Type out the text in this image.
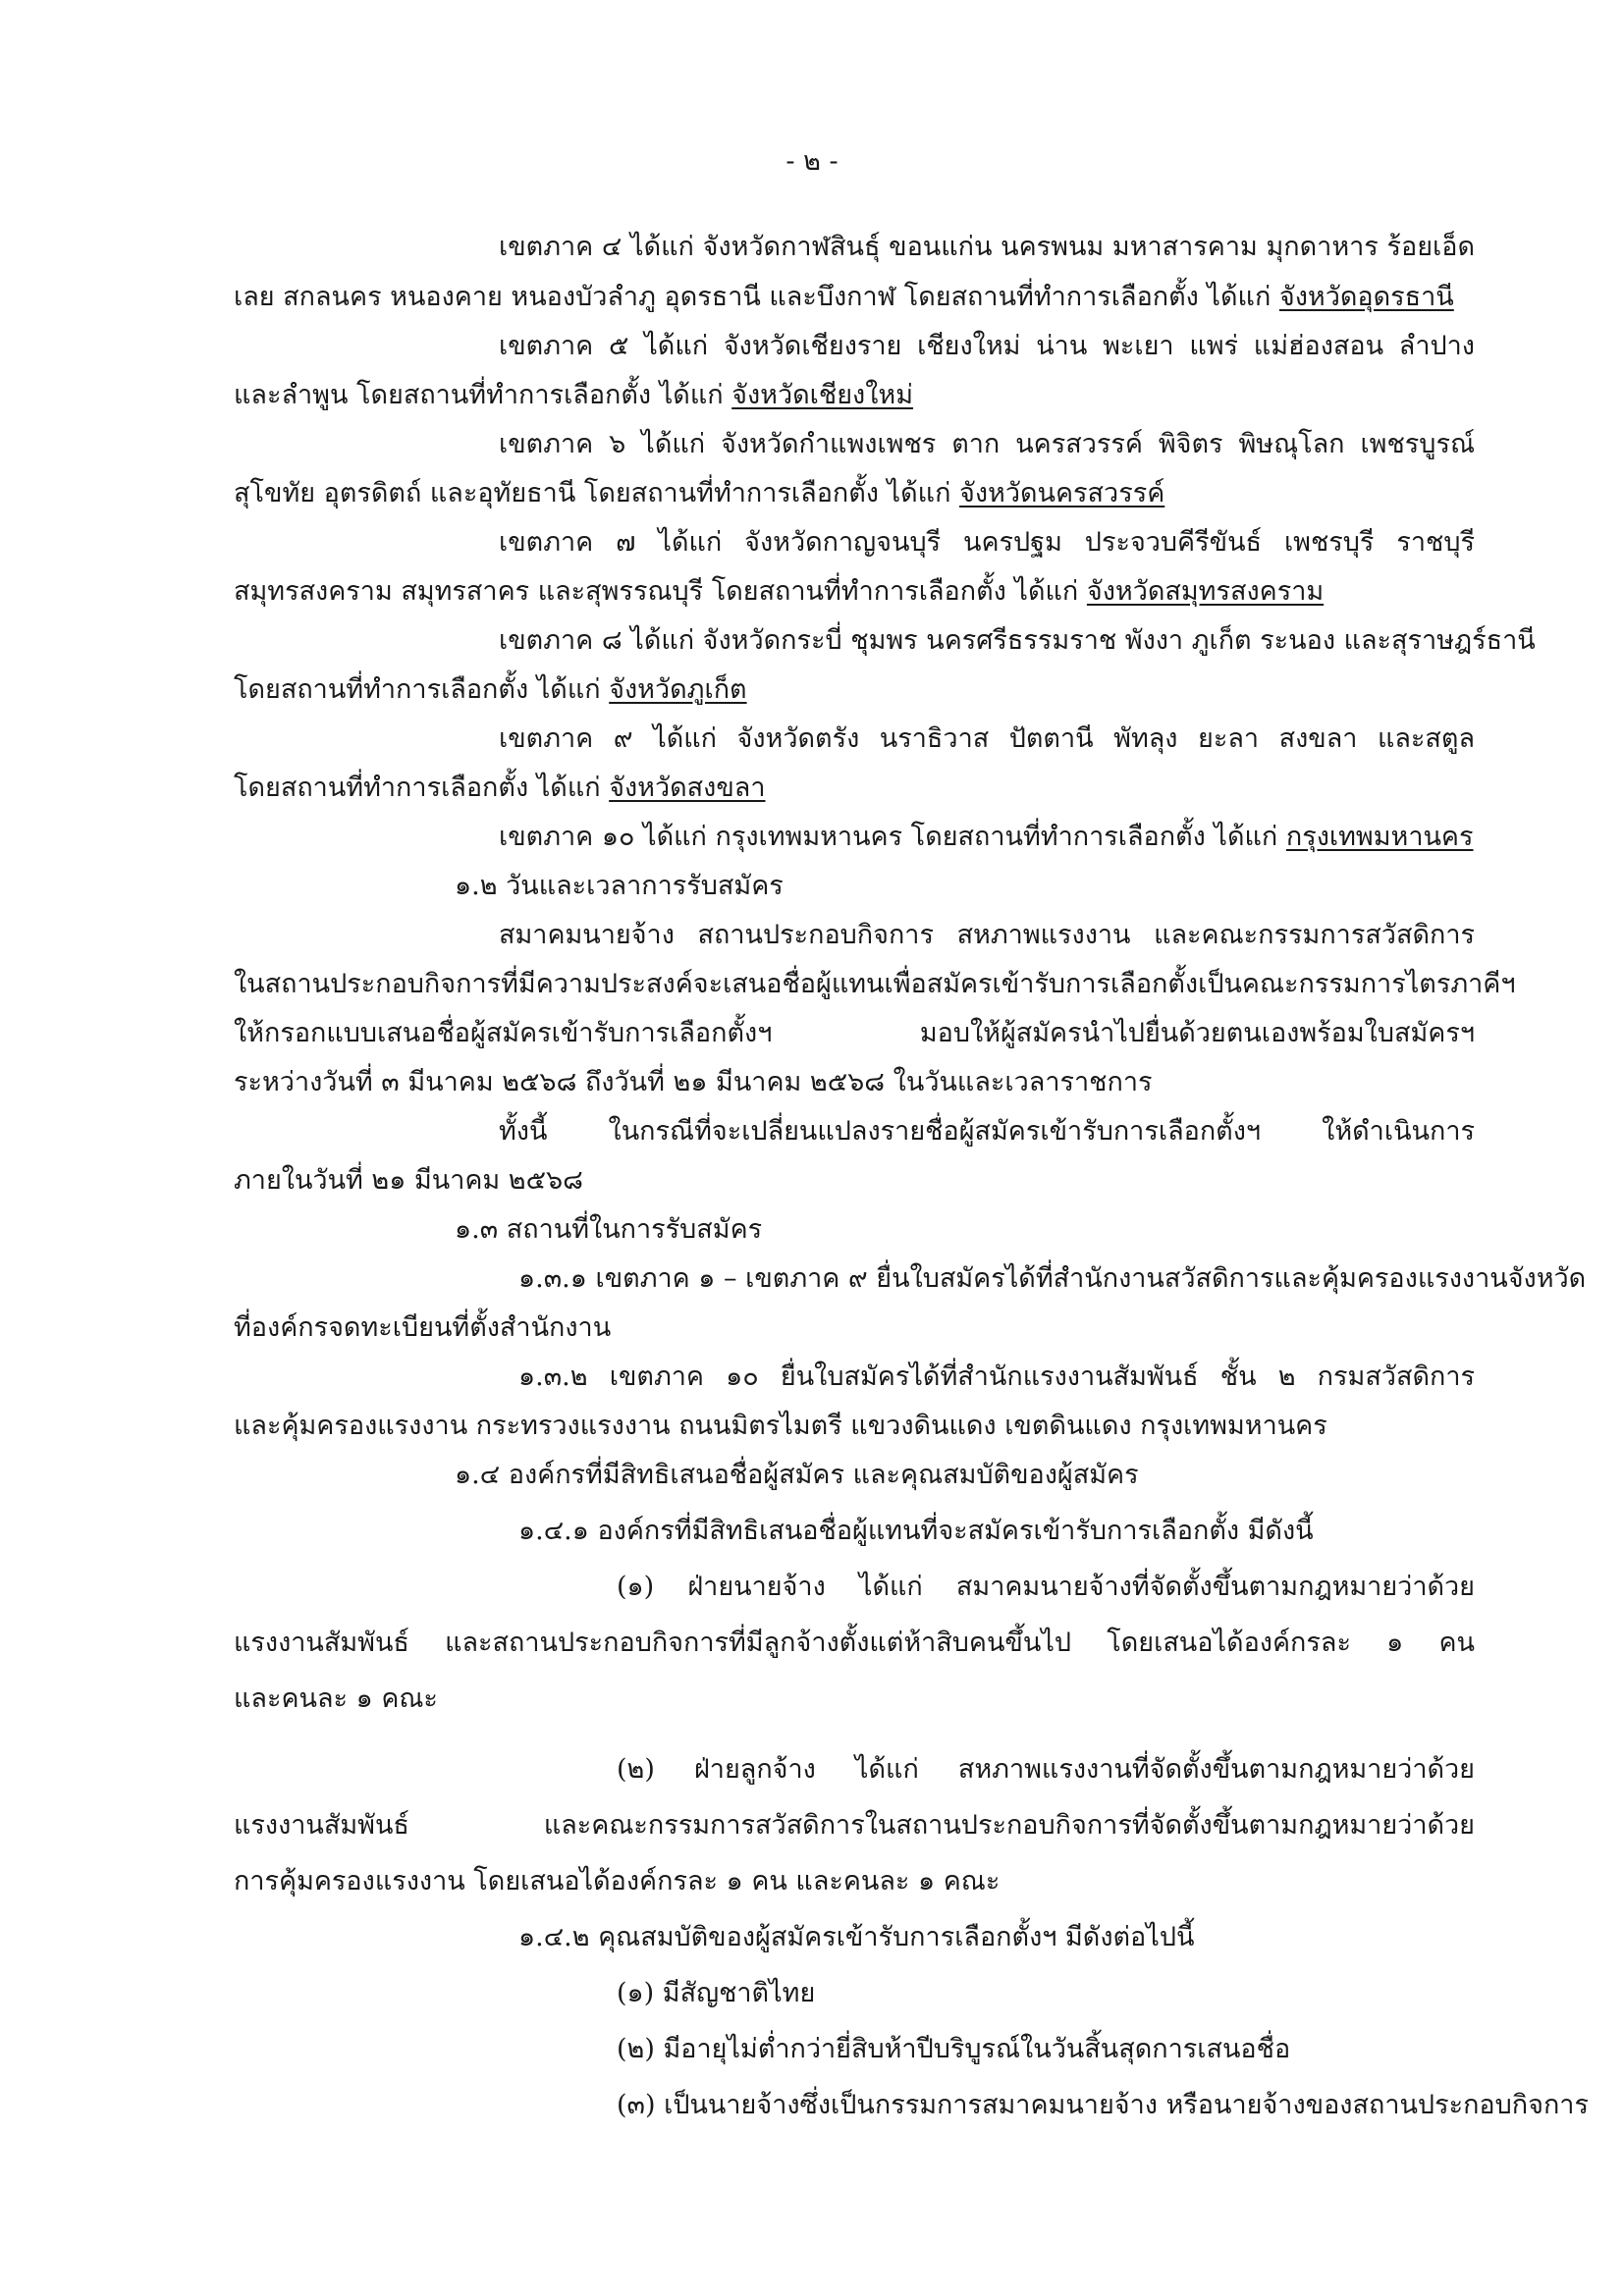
- ๒ -
เขตภาค ๔ ได้แก่ จังหวัดกาฬสินธุ์ ขอนแก่น นครพนม มหาสารคาม มุกดาหาร ร้อยเอ็ด
เลย สกลนคร หนองคาย หนองบัวลำภู อุดรธานี และบึงกาฬ โดยสถานที่ทำการเลือกตั้ง ได้แก่ จังหวัดอุดรธานี
เขตภาค ๕ ได้แก่ จังหวัดเชียงราย เชียงใหม่ น่าน พะเยา แพร่ แม่ฮ่องสอน ลำปาง
และลำพูน โดยสถานที่ทำการเลือกตั้ง ได้แก่ จังหวัดเชียงใหม่
เขตภาค ๖ ได้แก่ จังหวัดกำแพงเพชร ตาก นครสวรรค์ พิจิตร พิษณุโลก เพชรบูรณ์
สุโขทัย อุตรดิตถ์ และอุทัยธานี โดยสถานที่ทำการเลือกตั้ง ได้แก่ จังหวัดนครสวรรค์
เขตภาค ๗ ได้แก่ จังหวัดกาญจนบุรี นครปฐม ประจวบคีรีขันธ์ เพชรบุรี ราชบุรี
สมุทรสงคราม สมุทรสาคร และสุพรรณบุรี โดยสถานที่ทำการเลือกตั้ง ได้แก่ จังหวัดสมุทรสงคราม
เขตภาค ๘ ได้แก่ จังหวัดกระบี่ ชุมพร นครศรีธรรมราช พังงา ภูเก็ต ระนอง และสุราษฎร์ธานี
โดยสถานที่ทำการเลือกตั้ง ได้แก่ จังหวัดภูเก็ต
เขตภาค ๙ ได้แก่ จังหวัดตรัง นราธิวาส ปัตตานี พัทลุง ยะลา สงขลา และสตูล
โดยสถานที่ทำการเลือกตั้ง ได้แก่ จังหวัดสงขลา
เขตภาค ๑๐ ได้แก่ กรุงเทพมหานคร โดยสถานที่ทำการเลือกตั้ง ได้แก่ กรุงเทพมหานคร
๑.๒ วันและเวลาการรับสมัคร
สมาคมนายจ้าง สถานประกอบกิจการ สหภาพแรงงาน และคณะกรรมการสวัสดิการ
ในสถานประกอบกิจการที่มีความประสงค์จะเสนอชื่อผู้แทนเพื่อสมัครเข้ารับการเลือกตั้งเป็นคณะกรรมการไตรภาคีฯ
ให้กรอกแบบเสนอชื่อผู้สมัครเข้ารับการเลือกตั้งฯ มอบให้ผู้สมัครนำไปยื่นด้วยตนเองพร้อมใบสมัครฯ
ระหว่างวันที่ ๓ มีนาคม ๒๕๖๘ ถึงวันที่ ๒๑ มีนาคม ๒๕๖๘ ในวันและเวลาราชการ
ทั้งนี้ ในกรณีที่จะเปลี่ยนแปลงรายชื่อผู้สมัครเข้ารับการเลือกตั้งฯ ให้ดำเนินการ
ภายในวันที่ ๒๑ มีนาคม ๒๕๖๘
๑.๓ สถานที่ในการรับสมัคร
๑.๓.๑ เขตภาค ๑ – เขตภาค ๙ ยื่นใบสมัครได้ที่สำนักงานสวัสดิการและคุ้มครองแรงงานจังหวัด
ที่องค์กรจดทะเบียนที่ตั้งสำนักงาน
๑.๓.๒ เขตภาค ๑๐ ยื่นใบสมัครได้ที่สำนักแรงงานสัมพันธ์ ชั้น ๒ กรมสวัสดิการ
และคุ้มครองแรงงาน กระทรวงแรงงาน ถนนมิตรไมตรี แขวงดินแดง เขตดินแดง กรุงเทพมหานคร
๑.๔ องค์กรที่มีสิทธิเสนอชื่อผู้สมัคร และคุณสมบัติของผู้สมัคร
๑.๔.๑ องค์กรที่มีสิทธิเสนอชื่อผู้แทนที่จะสมัครเข้ารับการเลือกตั้ง มีดังนี้
(๑) ฝ่ายนายจ้าง ได้แก่ สมาคมนายจ้างที่จัดตั้งขึ้นตามกฎหมายว่าด้วย
แรงงานสัมพันธ์ และสถานประกอบกิจการที่มีลูกจ้างตั้งแต่ห้าสิบคนขึ้นไป โดยเสนอได้องค์กรละ ๑ คน
และคนละ ๑ คณะ
(๒) ฝ่ายลูกจ้าง ได้แก่ สหภาพแรงงานที่จัดตั้งขึ้นตามกฎหมายว่าด้วย
แรงงานสัมพันธ์ และคณะกรรมการสวัสดิการในสถานประกอบกิจการที่จัดตั้งขึ้นตามกฎหมายว่าด้วย
การคุ้มครองแรงงาน โดยเสนอได้องค์กรละ ๑ คน และคนละ ๑ คณะ
๑.๔.๒ คุณสมบัติของผู้สมัครเข้ารับการเลือกตั้งฯ มีดังต่อไปนี้
(๑) มีสัญชาติไทย
(๒) มีอายุไม่ต่ำกว่ายี่สิบห้าปีบริบูรณ์ในวันสิ้นสุดการเสนอชื่อ
(๓) เป็นนายจ้างซึ่งเป็นกรรมการสมาคมนายจ้าง หรือนายจ้างของสถานประกอบกิจการ
